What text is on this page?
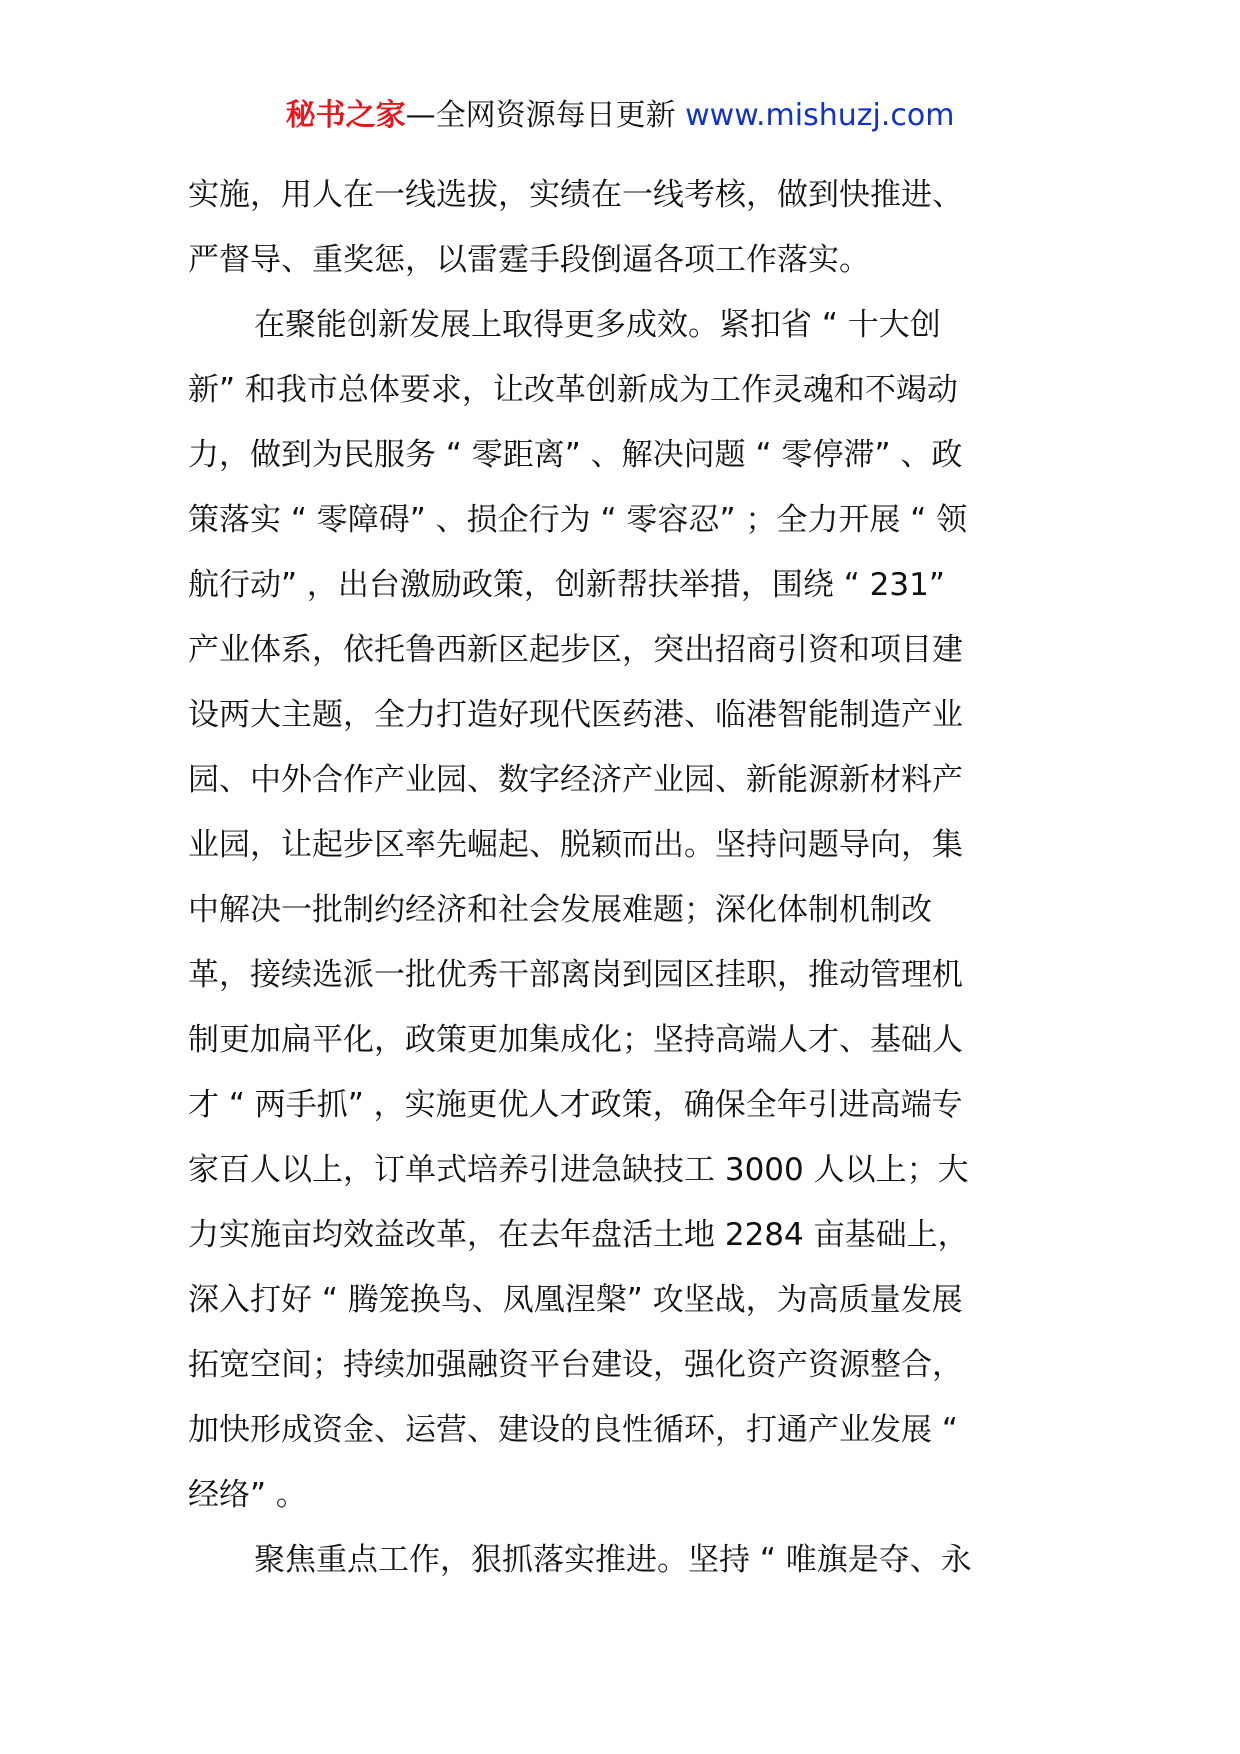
秘书之家—全网资源每日更新 www.mishuzj.com
实施，用人在一线选拔，实绩在一线考核，做到快推进、
严督导、重奖惩，以雷霆手段倒逼各项工作落实。
在聚能创新发展上取得更多成效。紧扣省 “ 十大创
新” 和我市总体要求，让改革创新成为工作灵魂和不竭动
力，做到为民服务 “ 零距离” 、解决问题 “ 零停滞” 、政
策落实 “ 零障碍” 、损企行为 “ 零容忍” ；全力开展 “ 领
航行动” ，出台激励政策，创新帮扶举措，围绕 “ 231”
产业体系，依托鲁西新区起步区，突出招商引资和项目建
设两大主题，全力打造好现代医药港、临港智能制造产业
园、中外合作产业园、数字经济产业园、新能源新材料产
业园，让起步区率先崛起、脱颖而出。坚持问题导向，集
中解决一批制约经济和社会发展难题；深化体制机制改
革，接续选派一批优秀干部离岗到园区挂职，推动管理机
制更加扁平化，政策更加集成化；坚持高端人才、基础人
才 “ 两手抓” ，实施更优人才政策，确保全年引进高端专
家百人以上，订单式培养引进急缺技工 3000 人以上；大
力实施亩均效益改革，在去年盘活土地 2284 亩基础上，
深入打好 “ 腾笼换鸟、凤凰涅槃” 攻坚战，为高质量发展
拓宽空间；持续加强融资平台建设，强化资产资源整合，
加快形成资金、运营、建设的良性循环，打通产业发展 “
经络” 。
聚焦重点工作，狠抓落实推进。坚持 “ 唯旗是夺、永
